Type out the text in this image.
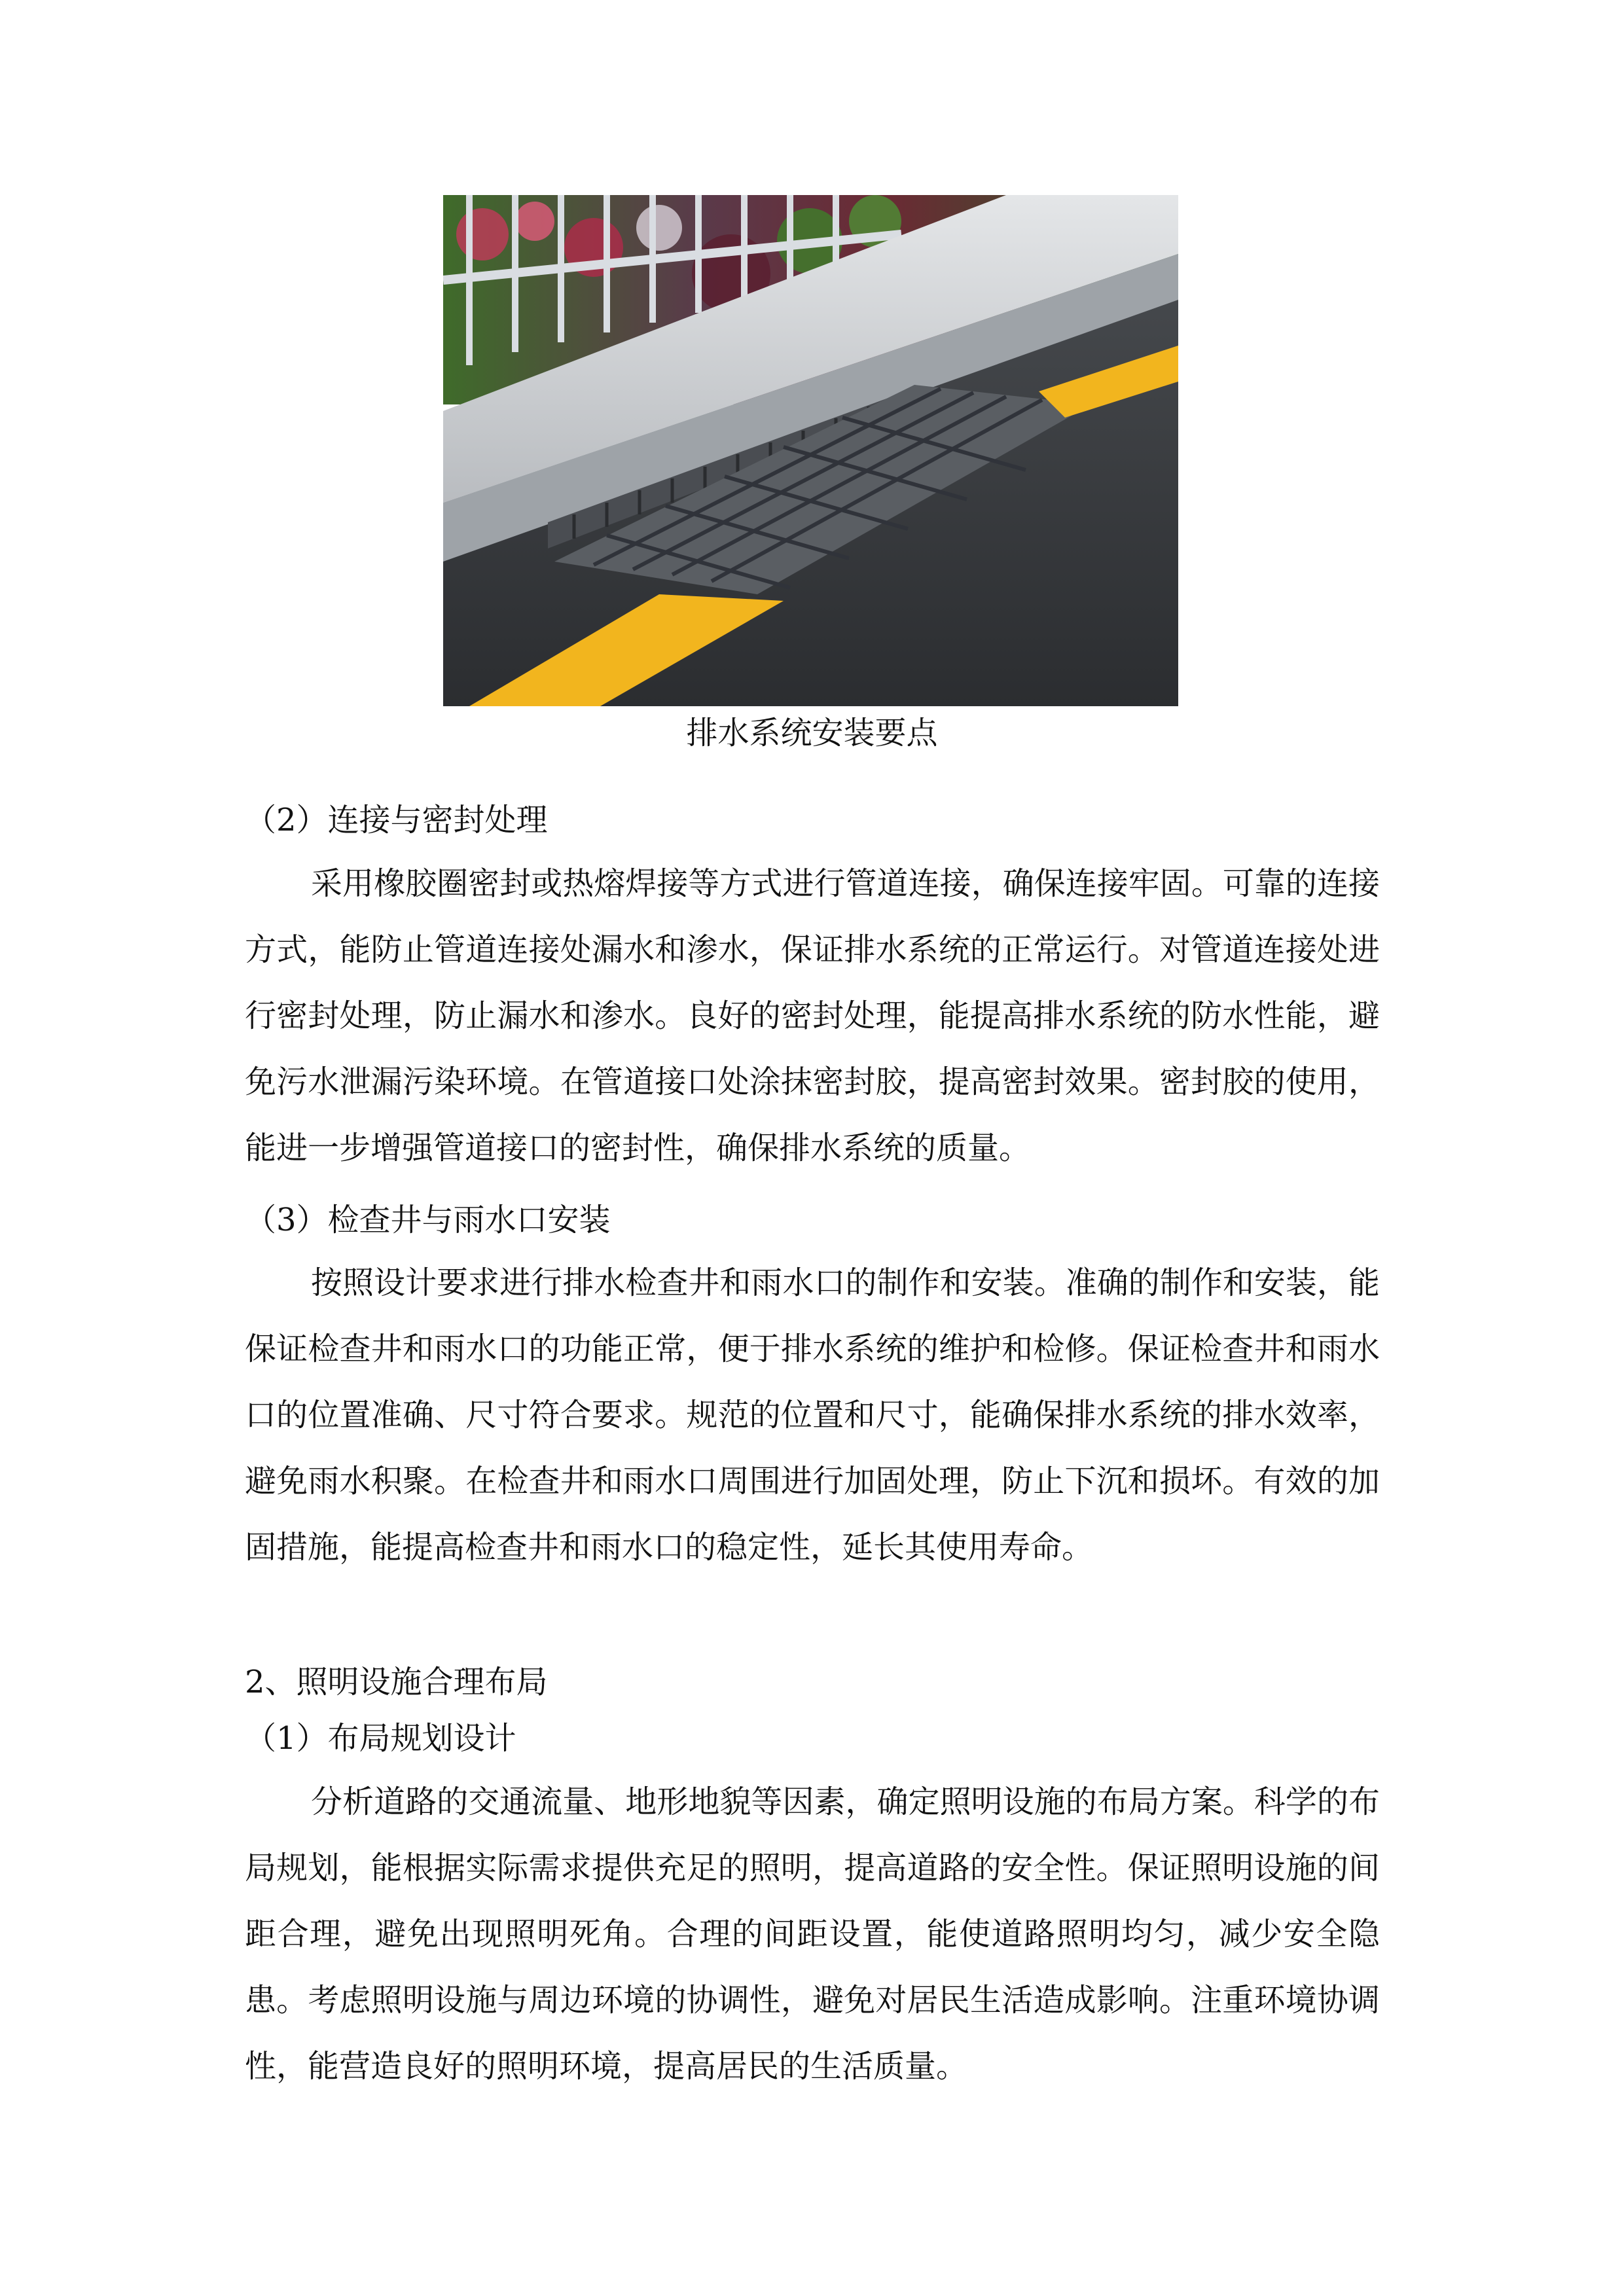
排水系统安装要点
（2）连接与密封处理

采用橡胶圈密封或热熔焊接等方式进行管道连接，确保连接牢固。可靠的连接方式，能防止管道连接处漏水和渗水，保证排水系统的正常运行。对管道连接处进行密封处理，防止漏水和渗水。良好的密封处理，能提高排水系统的防水性能，避免污水泄漏污染环境。在管道接口处涂抹密封胶，提高密封效果。密封胶的使用，能进一步增强管道接口的密封性，确保排水系统的质量。

（3）检查井与雨水口安装

按照设计要求进行排水检查井和雨水口的制作和安装。准确的制作和安装，能保证检查井和雨水口的功能正常，便于排水系统的维护和检修。保证检查井和雨水口的位置准确、尺寸符合要求。规范的位置和尺寸，能确保排水系统的排水效率，避免雨水积聚。在检查井和雨水口周围进行加固处理，防止下沉和损坏。有效的加固措施，能提高检查井和雨水口的稳定性，延长其使用寿命。

2、照明设施合理布局
（1）布局规划设计

分析道路的交通流量、地形地貌等因素，确定照明设施的布局方案。科学的布局规划，能根据实际需求提供充足的照明，提高道路的安全性。保证照明设施的间距合理，避免出现照明死角。合理的间距设置，能使道路照明均匀，减少安全隐患。考虑照明设施与周边环境的协调性，避免对居民生活造成影响。注重环境协调性，能营造良好的照明环境，提高居民的生活质量。
